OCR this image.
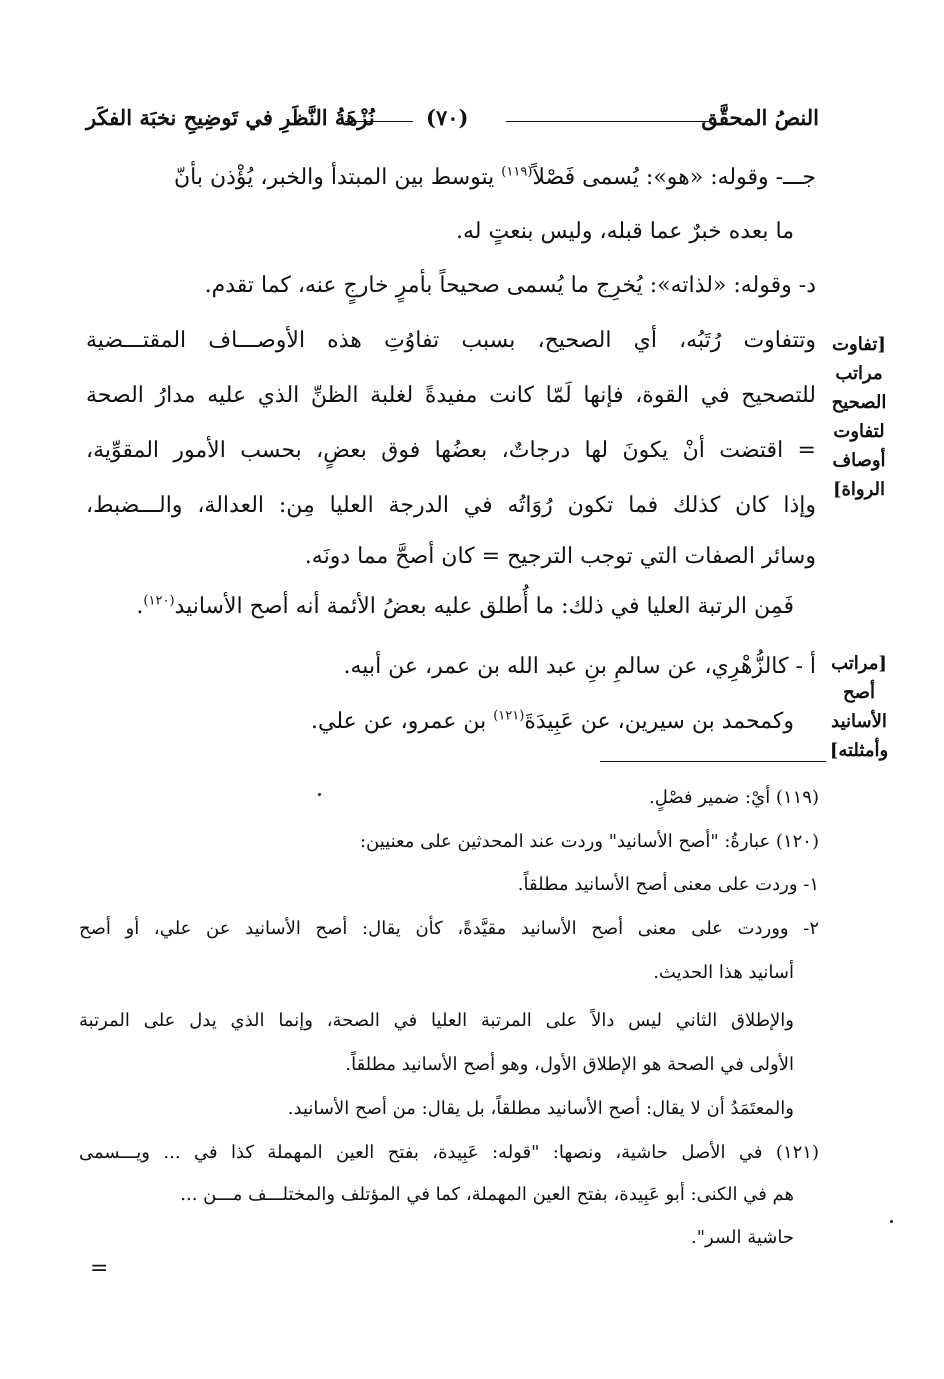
النصُ المحقَّق
(٧٠)
نُزْهَةُ النَّظَرِ في تَوضِيحِ نخبَة الفكَر
جـــ- وقوله: «هو»: يُسمى فَصْلاً$^{(١١٩)}$ يتوسط بين المبتدأ والخبر، يُؤْذن بأنّ
ما بعده خبرٌ عما قبله، وليس بنعتٍ له.
د- وقوله: «لذاته»: يُخرِج ما يُسمى صحيحاً بأمرٍ خارجٍ عنه، كما تقدم.
وتتفاوت رُتَبُه، أي الصحيح، بسبب تفاوُتِ هذه الأوصـــاف المقتـــضية
للتصحيح في القوة، فإنها لَمّا كانت مفيدةً لغلبة الظنِّ الذي عليه مدارُ الصحة
= اقتضت أنْ يكونَ لها درجاتٌ، بعضُها فوق بعضٍ، بحسب الأمور المقوِّية،
وإذا كان كذلك فما تكون رُوَاتُه في الدرجة العليا مِن: العدالة، والـــضبط،
وسائر الصفات التي توجب الترجيح = كان أصحَّ مما دونَه.
فَمِن الرتبة العليا في ذلك: ما أُطلق عليه بعضُ الأئمة أنه أصح الأسانيد$^{(١٢٠)}$.
أ - كالزُّهْرِي، عن سالمِ بنِ عبد الله بن عمر، عن أبيه.
وكمحمد بن سيرين، عن عَبِيدَةَ$^{(١٢١)}$ بن عمرو، عن علي.
[تفاوت مراتب الصحيح لتفاوت أوصاف الرواة]
[مراتب أصح الأسانيد وأمثلته]
(١١٩) أيْ: ضمير فصْلٍ.
(١٢٠) عبارةُ: "أصح الأسانيد" وردت عند المحدثين على معنيين:
١- وردت على معنى أصح الأسانيد مطلقاً.
٢- ووردت على معنى أصح الأسانيد مقيَّدةً، كأن يقال: أصح الأسانيد عن علي، أو أصح
أسانيد هذا الحديث.
والإطلاق الثاني ليس دالاً على المرتبة العليا في الصحة، وإنما الذي يدل على المرتبة
الأولى في الصحة هو الإطلاق الأول، وهو أصح الأسانيد مطلقاً.
والمعتَمَدُ أن لا يقال: أصح الأسانيد مطلقاً، بل يقال: من أصح الأسانيد.
(١٢١) في الأصل حاشية، ونصها: "قوله: عَبِيدة، بفتح العين المهملة كذا في ... ويـــسمى
هم في الكنى: أبو عَبِيدة، بفتح العين المهملة، كما في المؤتلف والمختلـــف مـــن ...
حاشية السر".
=
